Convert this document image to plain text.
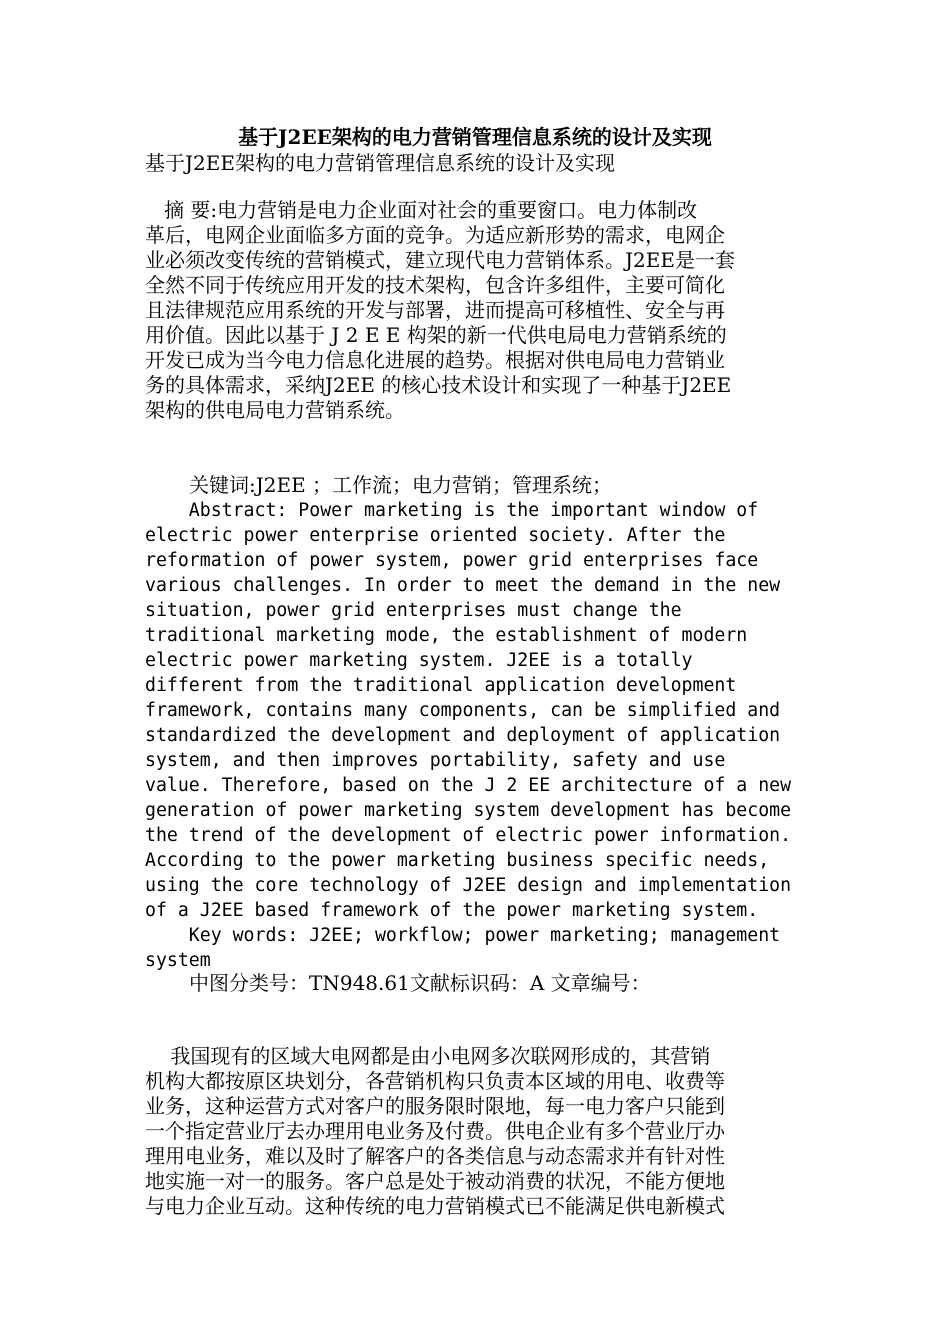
基于J2EE架构的电力营销管理信息系统的设计及实现
基于J2EE架构的电力营销管理信息系统的设计及实现
摘 要:电力营销是电力企业面对社会的重要窗口。电力体制改
革后，电网企业面临多方面的竞争。为适应新形势的需求，电网企
业必须改变传统的营销模式，建立现代电力营销体系。J2EE是一套
全然不同于传统应用开发的技术架构，包含许多组件，主要可简化
且法律规范应用系统的开发与部署，进而提高可移植性、安全与再
用价值。因此以基于 J 2 E E 构架的新一代供电局电力营销系统的
开发已成为当今电力信息化进展的趋势。根据对供电局电力营销业
务的具体需求，采纳J2EE 的核心技术设计和实现了一种基于J2EE
架构的供电局电力营销系统。
关键词:J2EE ；工作流；电力营销；管理系统；
Abstract: Power marketing is the important window of
electric power enterprise oriented society. After the
reformation of power system, power grid enterprises face
various challenges. In order to meet the demand in the new
situation, power grid enterprises must change the
traditional marketing mode, the establishment of modern
electric power marketing system. J2EE is a totally
different from the traditional application development
framework, contains many components, can be simplified and
standardized the development and deployment of application
system, and then improves portability, safety and use
value. Therefore, based on the J 2 EE architecture of a new
generation of power marketing system development has become
the trend of the development of electric power information.
According to the power marketing business specific needs,
using the core technology of J2EE design and implementation
of a J2EE based framework of the power marketing system.
Key words: J2EE; workflow; power marketing; management
system
中图分类号：TN948.61文献标识码：A 文章编号：
我国现有的区域大电网都是由小电网多次联网形成的，其营销
机构大都按原区块划分，各营销机构只负责本区域的用电、收费等
业务，这种运营方式对客户的服务限时限地，每一电力客户只能到
一个指定营业厅去办理用电业务及付费。供电企业有多个营业厅办
理用电业务，难以及时了解客户的各类信息与动态需求并有针对性
地实施一对一的服务。客户总是处于被动消费的状况，不能方便地
与电力企业互动。这种传统的电力营销模式已不能满足供电新模式
